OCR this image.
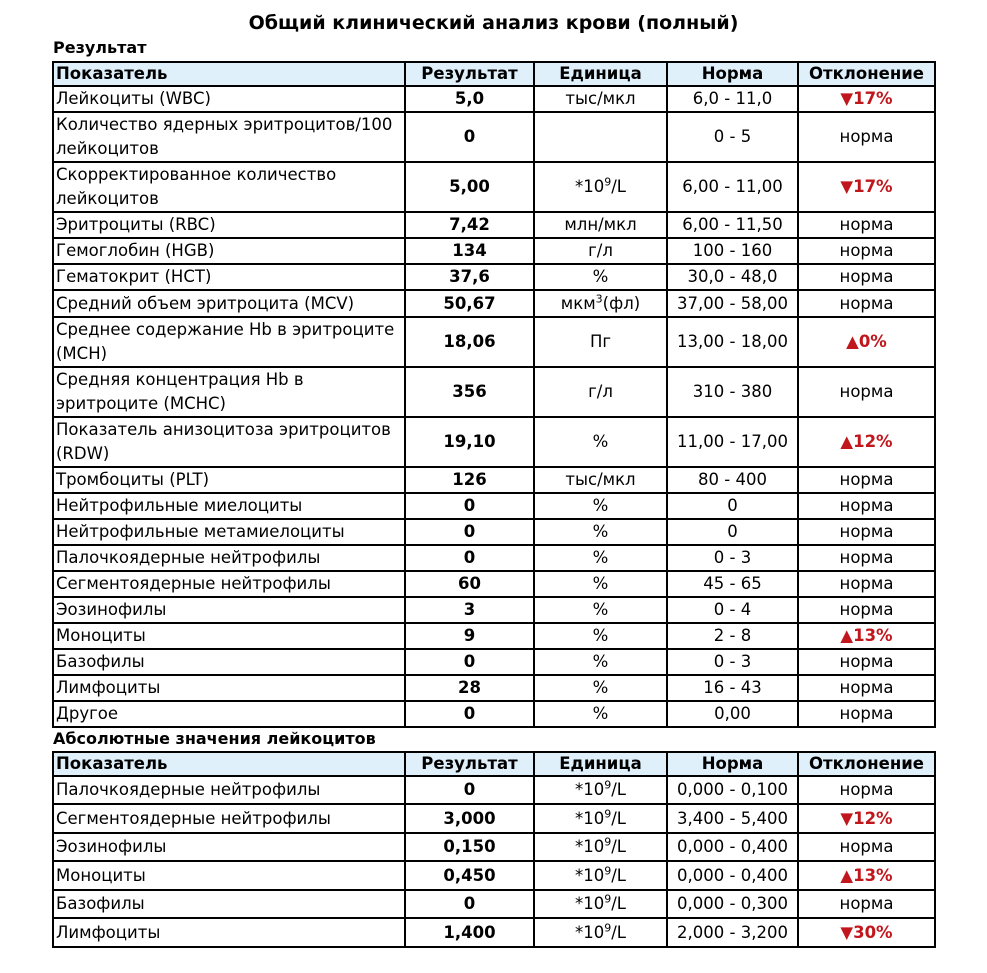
Общий клинический анализ крови (полный)
Результат
Показатель	Результат	Единица	Норма	Отклонение
Лейкоциты (WBC)	5,0	тыс/мкл	6,0 - 11,0	▼17%
Количество ядерных эритроцитов/100 лейкоцитов	0		0 - 5	норма
Скорректированное количество лейкоцитов	5,00	$*10^9/L$	6,00 - 11,00	▼17%
Эритроциты (RBC)	7,42	млн/мкл	6,00 - 11,50	норма
Гемоглобин (HGB)	134	г/л	100 - 160	норма
Гематокрит (HCT)	37,6	%	30,0 - 48,0	норма
Средний объем эритроцита (MCV)	50,67	мкм$^3$(фл)	37,00 - 58,00	норма
Среднее содержание Hb в эритроците (MCH)	18,06	Пг	13,00 - 18,00	▲0%
Средняя концентрация Hb в эритроците (MCHC)	356	г/л	310 - 380	норма
Показатель анизоцитоза эритроцитов (RDW)	19,10	%	11,00 - 17,00	▲12%
Тромбоциты (PLT)	126	тыс/мкл	80 - 400	норма
Нейтрофильные миелоциты	0	%	0	норма
Нейтрофильные метамиелоциты	0	%	0	норма
Палочкоядерные нейтрофилы	0	%	0 - 3	норма
Сегментоядерные нейтрофилы	60	%	45 - 65	норма
Эозинофилы	3	%	0 - 4	норма
Моноциты	9	%	2 - 8	▲13%
Базофилы	0	%	0 - 3	норма
Лимфоциты	28	%	16 - 43	норма
Другое	0	%	0,00	норма
Абсолютные значения лейкоцитов
Показатель	Результат	Единица	Норма	Отклонение
Палочкоядерные нейтрофилы	0	$*10^9/L$	0,000 - 0,100	норма
Сегментоядерные нейтрофилы	3,000	$*10^9/L$	3,400 - 5,400	▼12%
Эозинофилы	0,150	$*10^9/L$	0,000 - 0,400	норма
Моноциты	0,450	$*10^9/L$	0,000 - 0,400	▲13%
Базофилы	0	$*10^9/L$	0,000 - 0,300	норма
Лимфоциты	1,400	$*10^9/L$	2,000 - 3,200	▼30%
